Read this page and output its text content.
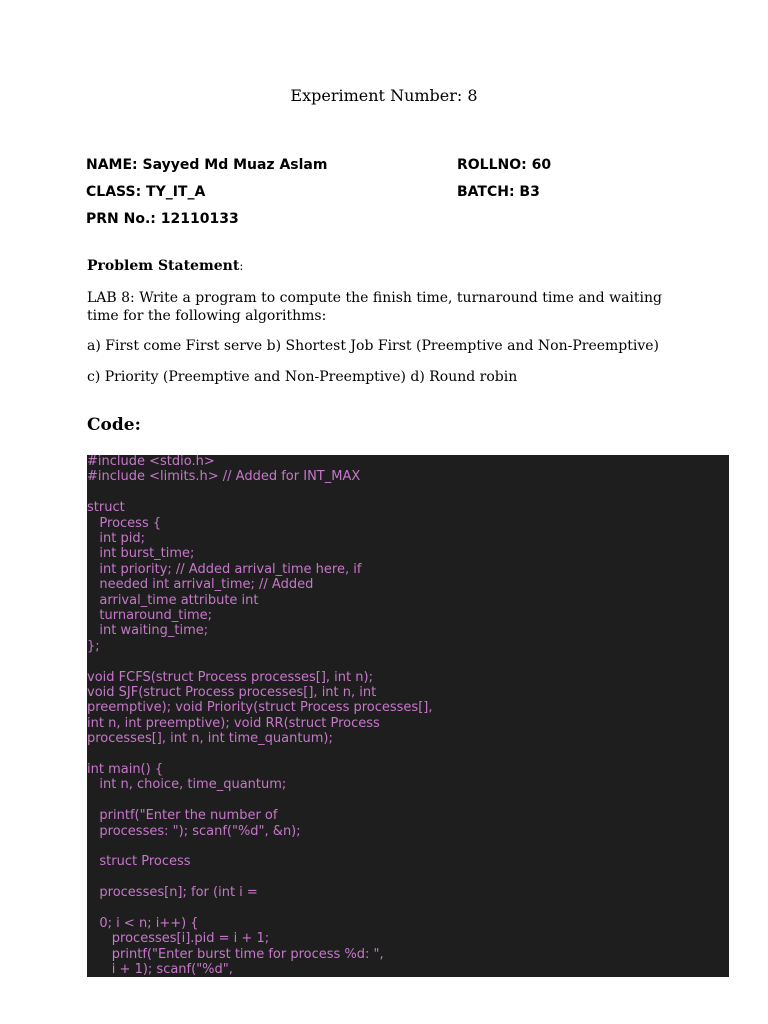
Experiment Number: 8
NAME: Sayyed Md Muaz Aslam	ROLLNO: 60
CLASS: TY_IT_A	BATCH: B3
PRN No.: 12110133
Problem Statement:
LAB 8: Write a program to compute the finish time, turnaround time and waiting time for the following algorithms:
a) First come First serve b) Shortest Job First (Preemptive and Non-Preemptive)
c) Priority (Preemptive and Non-Preemptive) d) Round robin
Code:
#include <stdio.h>
#include <limits.h> // Added for INT_MAX
struct
Process {
int pid;
int burst_time;
int priority; // Added arrival_time here, if
needed int arrival_time; // Added
arrival_time attribute int
turnaround_time;
int waiting_time;
};
void FCFS(struct Process processes[], int n);
void SJF(struct Process processes[], int n, int
preemptive); void Priority(struct Process processes[],
int n, int preemptive); void RR(struct Process
processes[], int n, int time_quantum);
int main() {
int n, choice, time_quantum;
printf("Enter the number of
processes: "); scanf("%d", &n);
struct Process
processes[n]; for (int i =
0; i < n; i++) {
processes[i].pid = i + 1;
printf("Enter burst time for process %d: ",
i + 1); scanf("%d",
